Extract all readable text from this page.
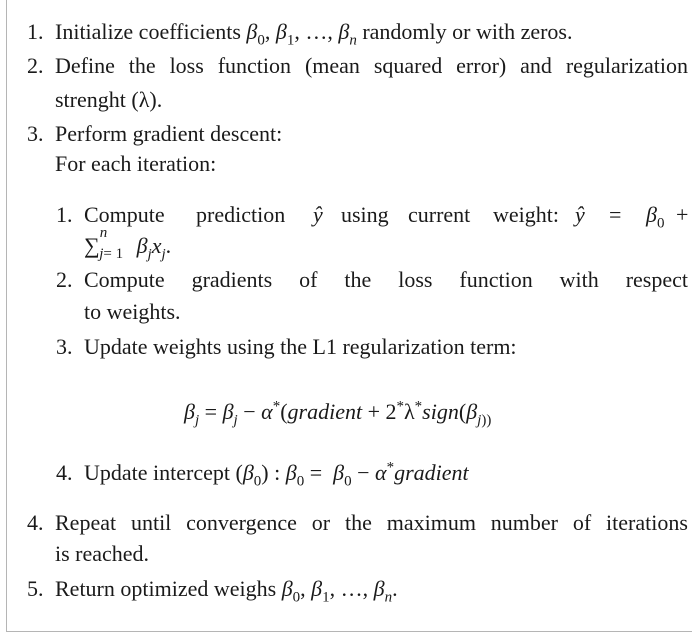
1. Initialize coefficients $\beta_0$, $\beta_1$, …, $\beta_n$ randomly or with zeros.
2. Define the loss function (mean squared error) and regularization
strenght (λ).
3. Perform gradient descent:
For each iteration:
1. Compute prediction ŷ using current weight: ŷ = $\beta_0$ +
∑$^n_{j= 1}$ $\beta_jx_j$.
2. Compute gradients of the loss function with respect
to weights.
3. Update weights using the L1 regularization term:
$\beta_j = \beta_j$ − α*(gradient + $2^*\lambda^*sign(\beta_{j))}$
4. Update intercept $(\beta_0)$ : $\beta_0 = \beta_0$ − α*gradient
4. Repeat until convergence or the maximum number of iterations
is reached.
5. Return optimized weighs $\beta_0$, $\beta_1$, …, $\beta_n$.
